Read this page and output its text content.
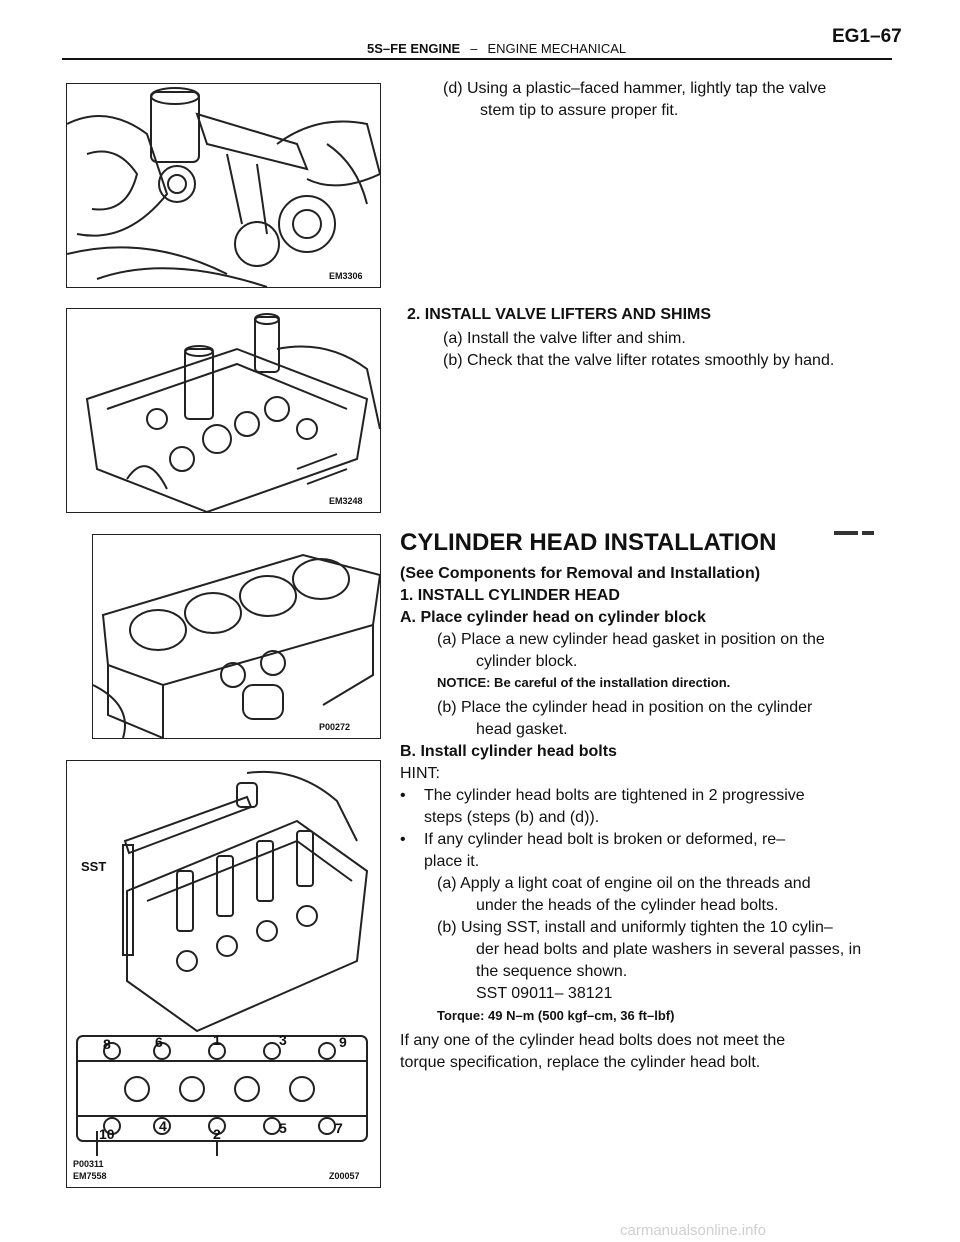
5S–FE ENGINE – ENGINE MECHANICAL
EG1–67
EM3306
EM3248
P00272
SST
8	6	1	3	9
10	4	2	5	7
P00311
EM7558	Z00057
(d) Using a plastic–faced hammer, lightly tap the valve
stem tip to assure proper fit.
2. INSTALL VALVE LIFTERS AND SHIMS
(a) Install the valve lifter and shim.
(b) Check that the valve lifter rotates smoothly by hand.
CYLINDER HEAD INSTALLATION
(See Components for Removal and Installation)
1. INSTALL CYLINDER HEAD
A. Place cylinder head on cylinder block
(a) Place a new cylinder head gasket in position on the
cylinder block.
NOTICE: Be careful of the installation direction.
(b) Place the cylinder head in position on the cylinder
head gasket.
B. Install cylinder head bolts
HINT:
• The cylinder head bolts are tightened in 2 progressive
steps (steps (b) and (d)).
• If any cylinder head bolt is broken or deformed, re–
place it.
(a) Apply a light coat of engine oil on the threads and
under the heads of the cylinder head bolts.
(b) Using SST, install and uniformly tighten the 10 cylin–
der head bolts and plate washers in several passes, in
the sequence shown.
SST 09011– 38121
Torque: 49 N–m (500 kgf–cm, 36 ft–lbf)
If any one of the cylinder head bolts does not meet the
torque specification, replace the cylinder head bolt.
carmanualsonline.info
